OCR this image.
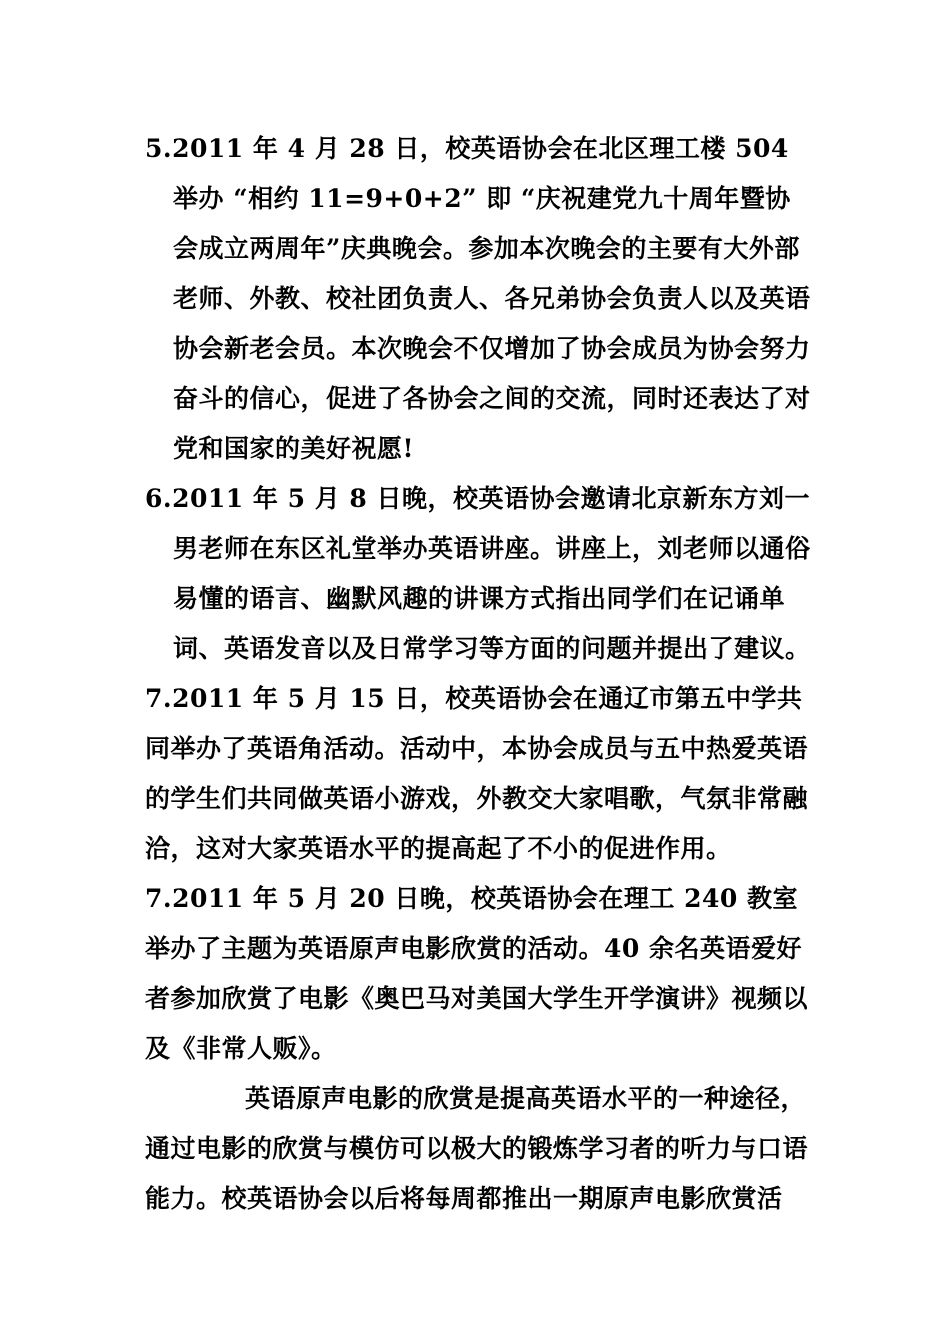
5.2011 年 4 月 28 日，校英语协会在北区理工楼 504 举办 “相约 11=9+0+2” 即 “庆祝建党九十周年暨协会成立两周年”庆典晚会。参加本次晚会的主要有大外部老师、外教、校社团负责人、各兄弟协会负责人以及英语协会新老会员。本次晚会不仅增加了协会成员为协会努力奋斗的信心，促进了各协会之间的交流，同时还表达了对党和国家的美好祝愿!

6.2011 年 5 月 8 日晚，校英语协会邀请北京新东方刘一男老师在东区礼堂举办英语讲座。讲座上，刘老师以通俗易懂的语言、幽默风趣的讲课方式指出同学们在记诵单词、英语发音以及日常学习等方面的问题并提出了建议。

7.2011 年 5 月 15 日，校英语协会在通辽市第五中学共同举办了英语角活动。活动中，本协会成员与五中热爱英语的学生们共同做英语小游戏，外教交大家唱歌，气氛非常融洽，这对大家英语水平的提高起了不小的促进作用。

7.2011 年 5 月 20 日晚，校英语协会在理工 240 教室举办了主题为英语原声电影欣赏的活动。40 余名英语爱好者参加欣赏了电影《奥巴马对美国大学生开学演讲》视频以及《非常人贩》。

英语原声电影的欣赏是提高英语水平的一种途径，通过电影的欣赏与模仿可以极大的锻炼学习者的听力与口语能力。校英语协会以后将每周都推出一期原声电影欣赏活
